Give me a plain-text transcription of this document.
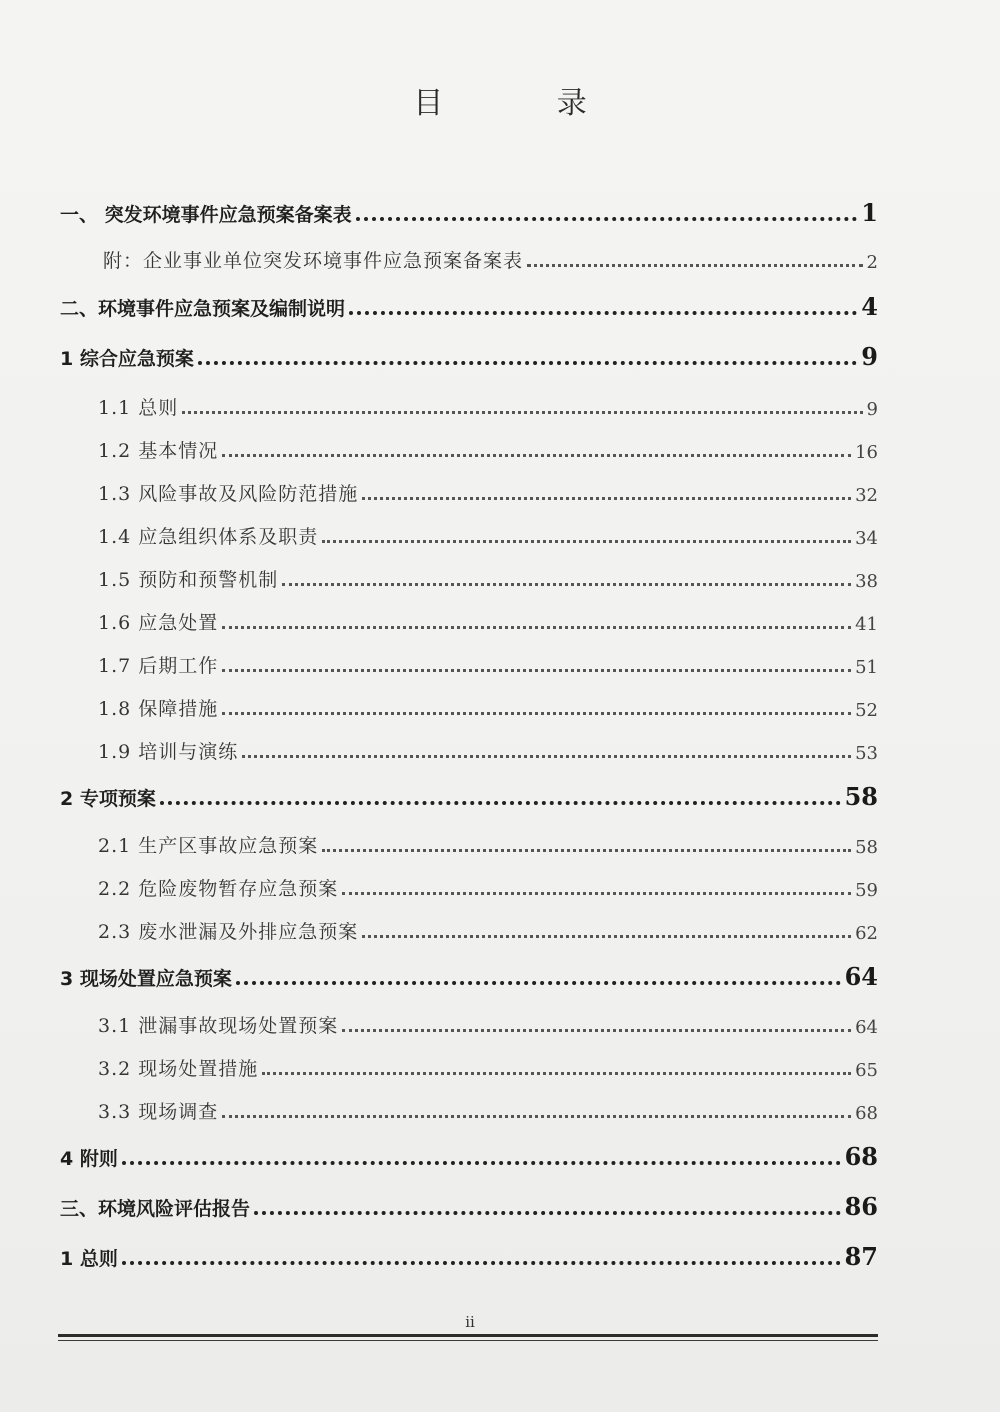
目 录
一、 突发环境事件应急预案备案表	1
附：企业事业单位突发环境事件应急预案备案表	2
二、环境事件应急预案及编制说明	4
1 综合应急预案	9
1.1 总则	9
1.2 基本情况	16
1.3 风险事故及风险防范措施	32
1.4 应急组织体系及职责	34
1.5 预防和预警机制	38
1.6 应急处置	41
1.7 后期工作	51
1.8 保障措施	52
1.9 培训与演练	53
2 专项预案	58
2.1 生产区事故应急预案	58
2.2 危险废物暂存应急预案	59
2.3 废水泄漏及外排应急预案	62
3 现场处置应急预案	64
3.1 泄漏事故现场处置预案	64
3.2 现场处置措施	65
3.3 现场调查	68
4 附则	68
三、环境风险评估报告	86
1 总则	87
ii
